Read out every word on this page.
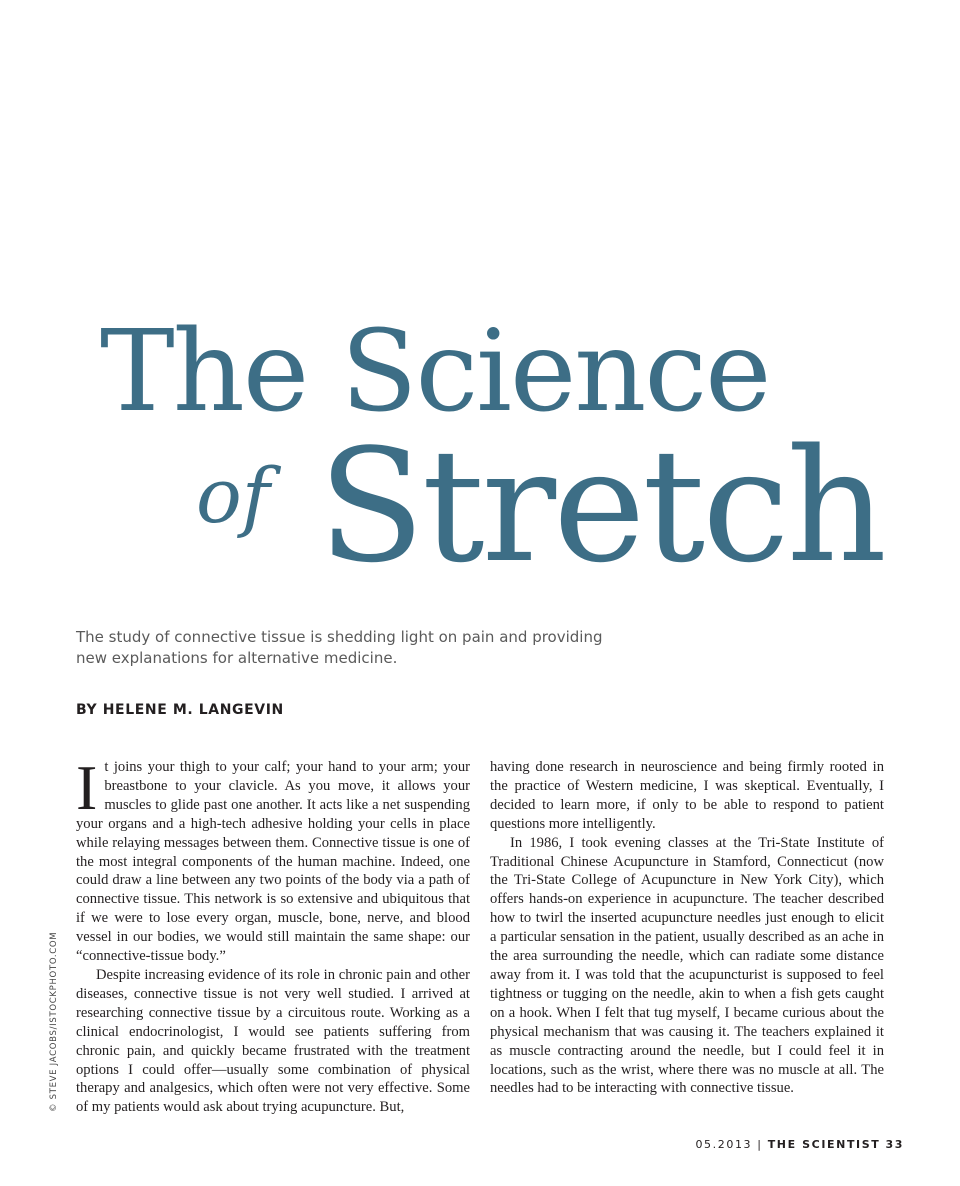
The Science
of Stretch

The study of connective tissue is shedding light on pain and providing new explanations for alternative medicine.

BY HELENE M. LANGEVIN

It joins your thigh to your calf; your hand to your arm; your breastbone to your clavicle. As you move, it allows your muscles to glide past one another. It acts like a net suspending your organs and a high-tech adhesive holding your cells in place while relaying messages between them. Connective tissue is one of the most integral components of the human machine. Indeed, one could draw a line between any two points of the body via a path of connective tissue. This network is so extensive and ubiquitous that if we were to lose every organ, muscle, bone, nerve, and blood vessel in our bodies, we would still maintain the same shape: our “connective-tissue body.”

Despite increasing evidence of its role in chronic pain and other diseases, connective tissue is not very well studied. I arrived at researching connective tissue by a circuitous route. Working as a clinical endocrinologist, I would see patients suffering from chronic pain, and quickly became frustrated with the treatment options I could offer—usually some combination of physical therapy and analgesics, which often were not very effective. Some of my patients would ask about trying acupuncture. But,

having done research in neuroscience and being firmly rooted in the practice of Western medicine, I was skeptical. Eventually, I decided to learn more, if only to be able to respond to patient questions more intelligently.

In 1986, I took evening classes at the Tri-State Institute of Traditional Chinese Acupuncture in Stamford, Connecticut (now the Tri-State College of Acupuncture in New York City), which offers hands-on experience in acupuncture. The teacher described how to twirl the inserted acupuncture needles just enough to elicit a particular sensation in the patient, usually described as an ache in the area surrounding the needle, which can radiate some distance away from it. I was told that the acupuncturist is supposed to feel tightness or tugging on the needle, akin to when a fish gets caught on a hook. When I felt that tug myself, I became curious about the physical mechanism that was causing it. The teachers explained it as muscle contracting around the needle, but I could feel it in locations, such as the wrist, where there was no muscle at all. The needles had to be interacting with connective tissue.

© STEVE JACOBS/ISTOCKPHOTO.COM
05.2013 | THE SCIENTIST 33
